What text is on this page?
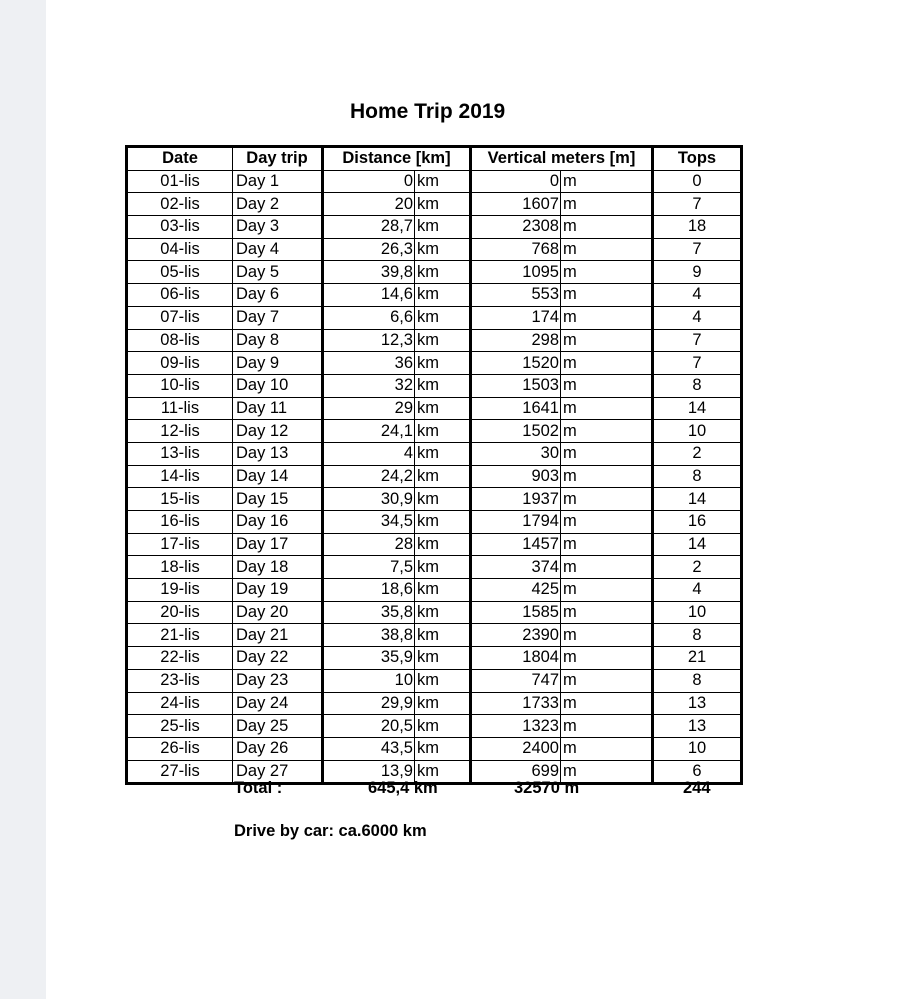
Home Trip 2019
Date	Day trip	Distance [km]		Vertical meters [m]		Tops
01-lis	Day 1	0	km	0	m	0
02-lis	Day 2	20	km	1607	m	7
03-lis	Day 3	28,7	km	2308	m	18
04-lis	Day 4	26,3	km	768	m	7
05-lis	Day 5	39,8	km	1095	m	9
06-lis	Day 6	14,6	km	553	m	4
07-lis	Day 7	6,6	km	174	m	4
08-lis	Day 8	12,3	km	298	m	7
09-lis	Day 9	36	km	1520	m	7
10-lis	Day 10	32	km	1503	m	8
11-lis	Day 11	29	km	1641	m	14
12-lis	Day 12	24,1	km	1502	m	10
13-lis	Day 13	4	km	30	m	2
14-lis	Day 14	24,2	km	903	m	8
15-lis	Day 15	30,9	km	1937	m	14
16-lis	Day 16	34,5	km	1794	m	16
17-lis	Day 17	28	km	1457	m	14
18-lis	Day 18	7,5	km	374	m	2
19-lis	Day 19	18,6	km	425	m	4
20-lis	Day 20	35,8	km	1585	m	10
21-lis	Day 21	38,8	km	2390	m	8
22-lis	Day 22	35,9	km	1804	m	21
23-lis	Day 23	10	km	747	m	8
24-lis	Day 24	29,9	km	1733	m	13
25-lis	Day 25	20,5	km	1323	m	13
26-lis	Day 26	43,5	km	2400	m	10
27-lis	Day 27	13,9	km	699	m	6
Total :	645,4 km	32570 m	244
Drive by car: ca.6000 km
